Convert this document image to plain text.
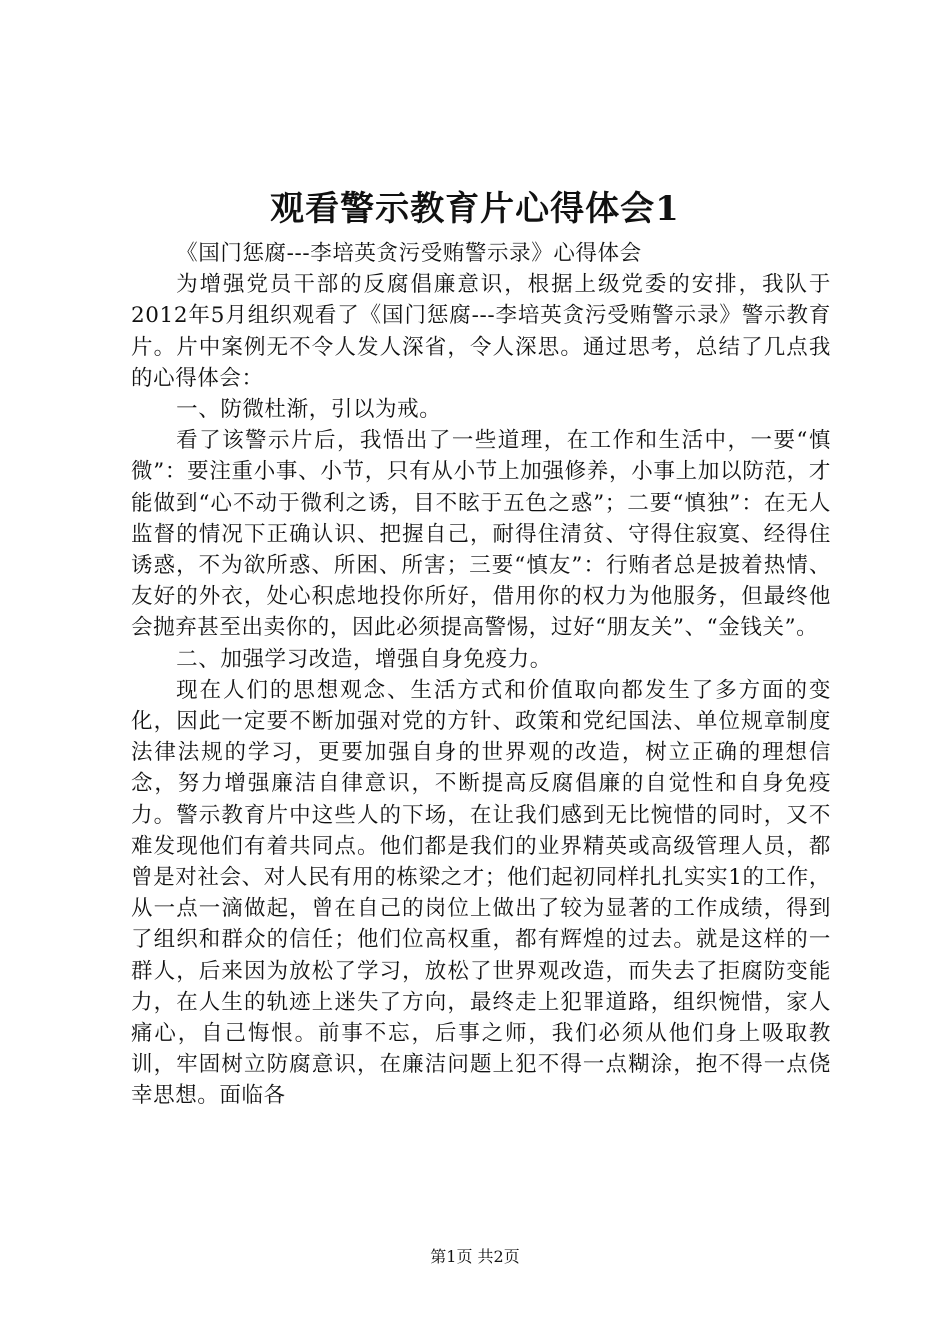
观看警示教育片心得体会1

《国门惩腐---李培英贪污受贿警示录》心得体会

为增强党员干部的反腐倡廉意识，根据上级党委的安排，我队于2012年5月组织观看了《国门惩腐---李培英贪污受贿警示录》警示教育片。片中案例无不令人发人深省，令人深思。通过思考，总结了几点我的心得体会：

一、防微杜渐，引以为戒。

看了该警示片后，我悟出了一些道理，在工作和生活中，一要“慎微”：要注重小事、小节，只有从小节上加强修养，小事上加以防范，才能做到“心不动于微利之诱，目不眩于五色之惑”；二要“慎独”：在无人监督的情况下正确认识、把握自己，耐得住清贫、守得住寂寞、经得住诱惑，不为欲所惑、所困、所害；三要“慎友”：行贿者总是披着热情、友好的外衣，处心积虑地投你所好，借用你的权力为他服务，但最终他会抛弃甚至出卖你的，因此必须提高警惕，过好“朋友关”、“金钱关”。

二、加强学习改造，增强自身免疫力。

现在人们的思想观念、生活方式和价值取向都发生了多方面的变化，因此一定要不断加强对党的方针、政策和党纪国法、单位规章制度法律法规的学习，更要加强自身的世界观的改造，树立正确的理想信念，努力增强廉洁自律意识，不断提高反腐倡廉的自觉性和自身免疫力。警示教育片中这些人的下场，在让我们感到无比惋惜的同时，又不难发现他们有着共同点。他们都是我们的业界精英或高级管理人员，都曾是对社会、对人民有用的栋梁之才；他们起初同样扎扎实实1的工作，从一点一滴做起，曾在自己的岗位上做出了较为显著的工作成绩，得到了组织和群众的信任；他们位高权重，都有辉煌的过去。就是这样的一群人，后来因为放松了学习，放松了世界观改造，而失去了拒腐防变能力，在人生的轨迹上迷失了方向，最终走上犯罪道路，组织惋惜，家人痛心，自己悔恨。前事不忘，后事之师，我们必须从他们身上吸取教训，牢固树立防腐意识，在廉洁问题上犯不得一点糊涂，抱不得一点侥幸思想。面临各

第1页 共2页
